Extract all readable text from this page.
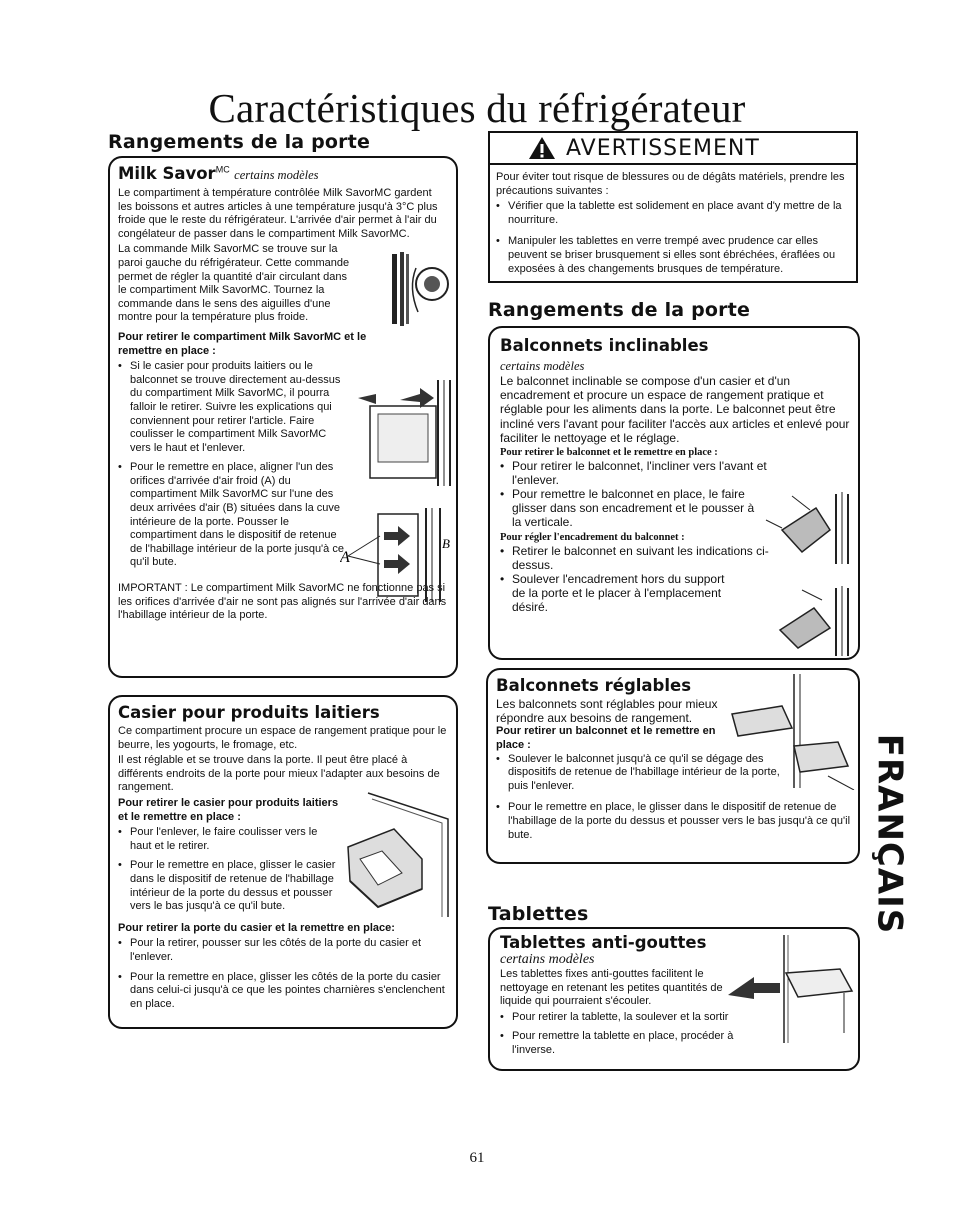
Caractéristiques du réfrigérateur
Rangements de la porte
Milk Savor$^{MC}$ certains modèles

Le compartiment à température contrôlée Milk SavorMC gardent les boissons et autres articles à une température jusqu'à 3°C plus froide que le reste du réfrigérateur. L'arrivée d'air permet à l'air du congélateur de passer dans le compartiment Milk SavorMC.

La commande Milk SavorMC se trouve sur la paroi gauche du réfrigérateur. Cette commande permet de régler la quantité d'air circulant dans le compartiment Milk SavorMC. Tournez la commande dans le sens des aiguilles d'une montre pour la température plus froide.

Pour retirer le compartiment Milk SavorMC et le remettre en place :

• Si le casier pour produits laitiers ou le balconnet se trouve directement au-dessus du compartiment Milk SavorMC, il pourra falloir le retirer. Suivre les explications qui conviennent pour retirer l'article. Faire coulisser le compartiment Milk SavorMC vers le haut et l'enlever.
• Pour le remettre en place, aligner l'un des orifices d'arrivée d'air froid (A) du compartiment Milk SavorMC sur l'une des deux arrivées d'air (B) situées dans la cuve intérieure de la porte. Pousser le compartiment dans le dispositif de retenue de l'habillage intérieur de la porte jusqu'à ce qu'il bute.

IMPORTANT : Le compartiment Milk SavorMC ne fonctionne pas si les orifices d'arrivée d'air ne sont pas alignés sur l'arrivée d'air dans l'habillage intérieur de la porte.

A
B
Casier pour produits laitiers

Ce compartiment procure un espace de rangement pratique pour le beurre, les yogourts, le fromage, etc.

Il est réglable et se trouve dans la porte. Il peut être placé à différents endroits de la porte pour mieux l'adapter aux besoins de rangement.

Pour retirer le casier pour produits laitiers et le remettre en place :

• Pour l'enlever, le faire coulisser vers le haut et le retirer.
• Pour le remettre en place, glisser le casier dans le dispositif de retenue de l'habillage intérieur de la porte du dessus et pousser vers le bas jusqu'à ce qu'il bute.

Pour retirer la porte du casier et la remettre en place:

• Pour la retirer, pousser sur les côtés de la porte du casier et l'enlever.
• Pour la remettre en place, glisser les côtés de la porte du casier dans celui-ci jusqu'à ce que les pointes charnières s'enclenchent en place.
AVERTISSEMENT

Pour éviter tout risque de blessures ou de dégâts matériels, prendre les précautions suivantes :

• Vérifier que la tablette est solidement en place avant d'y mettre de la nourriture.
• Manipuler les tablettes en verre trempé avec prudence car elles peuvent se briser brusquement si elles sont ébréchées, éraflées ou exposées à des changements brusques de température.
Rangements de la porte
Balconnets inclinables
certains modèles

Le balconnet inclinable se compose d'un casier et d'un encadrement et procure un espace de rangement pratique et réglable pour les aliments dans la porte. Le balconnet peut être incliné vers l'avant pour faciliter l'accès aux articles et enlevé pour faciliter le nettoyage et le réglage.

Pour retirer le balconnet et le remettre en place :

• Pour retirer le balconnet, l'incliner vers l'avant et l'enlever.
• Pour remettre le balconnet en place, le faire glisser dans son encadrement et le pousser à la verticale.

Pour régler l'encadrement du balconnet :

• Retirer le balconnet en suivant les indications ci-dessus.
• Soulever l'encadrement hors du support de la porte et le placer à l'emplacement désiré.
Balconnets réglables

Les balconnets sont réglables pour mieux répondre aux besoins de rangement.

Pour retirer un balconnet et le remettre en place :

• Soulever le balconnet jusqu'à ce qu'il se dégage des dispositifs de retenue de l'habillage intérieur de la porte, puis l'enlever.
• Pour le remettre en place, le glisser dans le dispositif de retenue de l'habillage de la porte du dessus et pousser vers le bas jusqu'à ce qu'il bute.
Tablettes
Tablettes anti-gouttes
certains modèles

Les tablettes fixes anti-gouttes facilitent le nettoyage en retenant les petites quantités de liquide qui pourraient s'écouler.

• Pour retirer la tablette, la soulever et la sortir
• Pour remettre la tablette en place, procéder à l'inverse.
FRANÇAIS
61
